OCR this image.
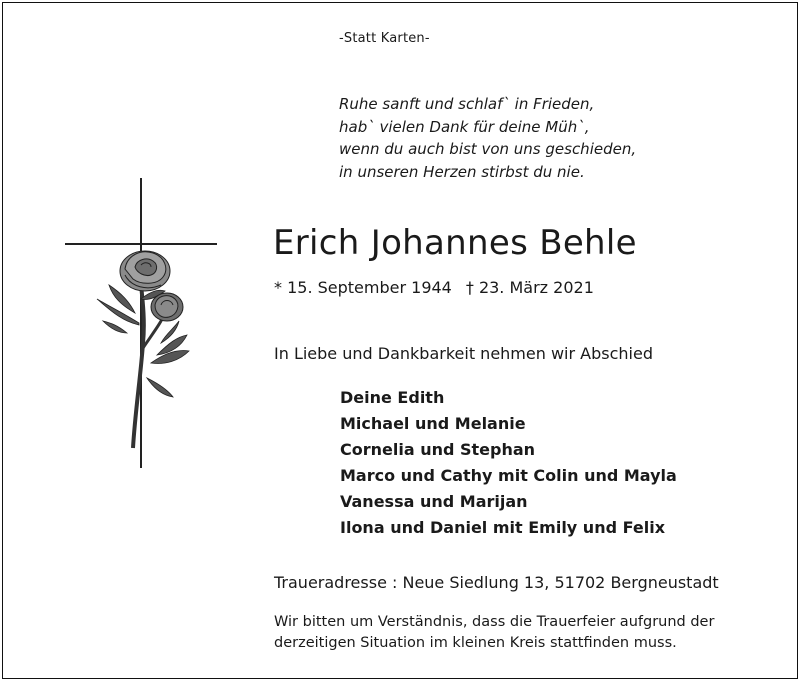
-Statt Karten-
Ruhe sanft und schlaf` in Frieden,
hab` vielen Dank für deine Müh`,
wenn du auch bist von uns geschieden,
in unseren Herzen stirbst du nie.
Erich Johannes Behle
* 15. September 1944 † 23. März 2021
In Liebe und Dankbarkeit nehmen wir Abschied
Deine Edith
Michael und Melanie
Cornelia und Stephan
Marco und Cathy mit Colin und Mayla
Vanessa und Marijan
Ilona und Daniel mit Emily und Felix
Traueradresse : Neue Siedlung 13, 51702 Bergneustadt
Wir bitten um Verständnis, dass die Trauerfeier aufgrund der
derzeitigen Situation im kleinen Kreis stattfinden muss.
